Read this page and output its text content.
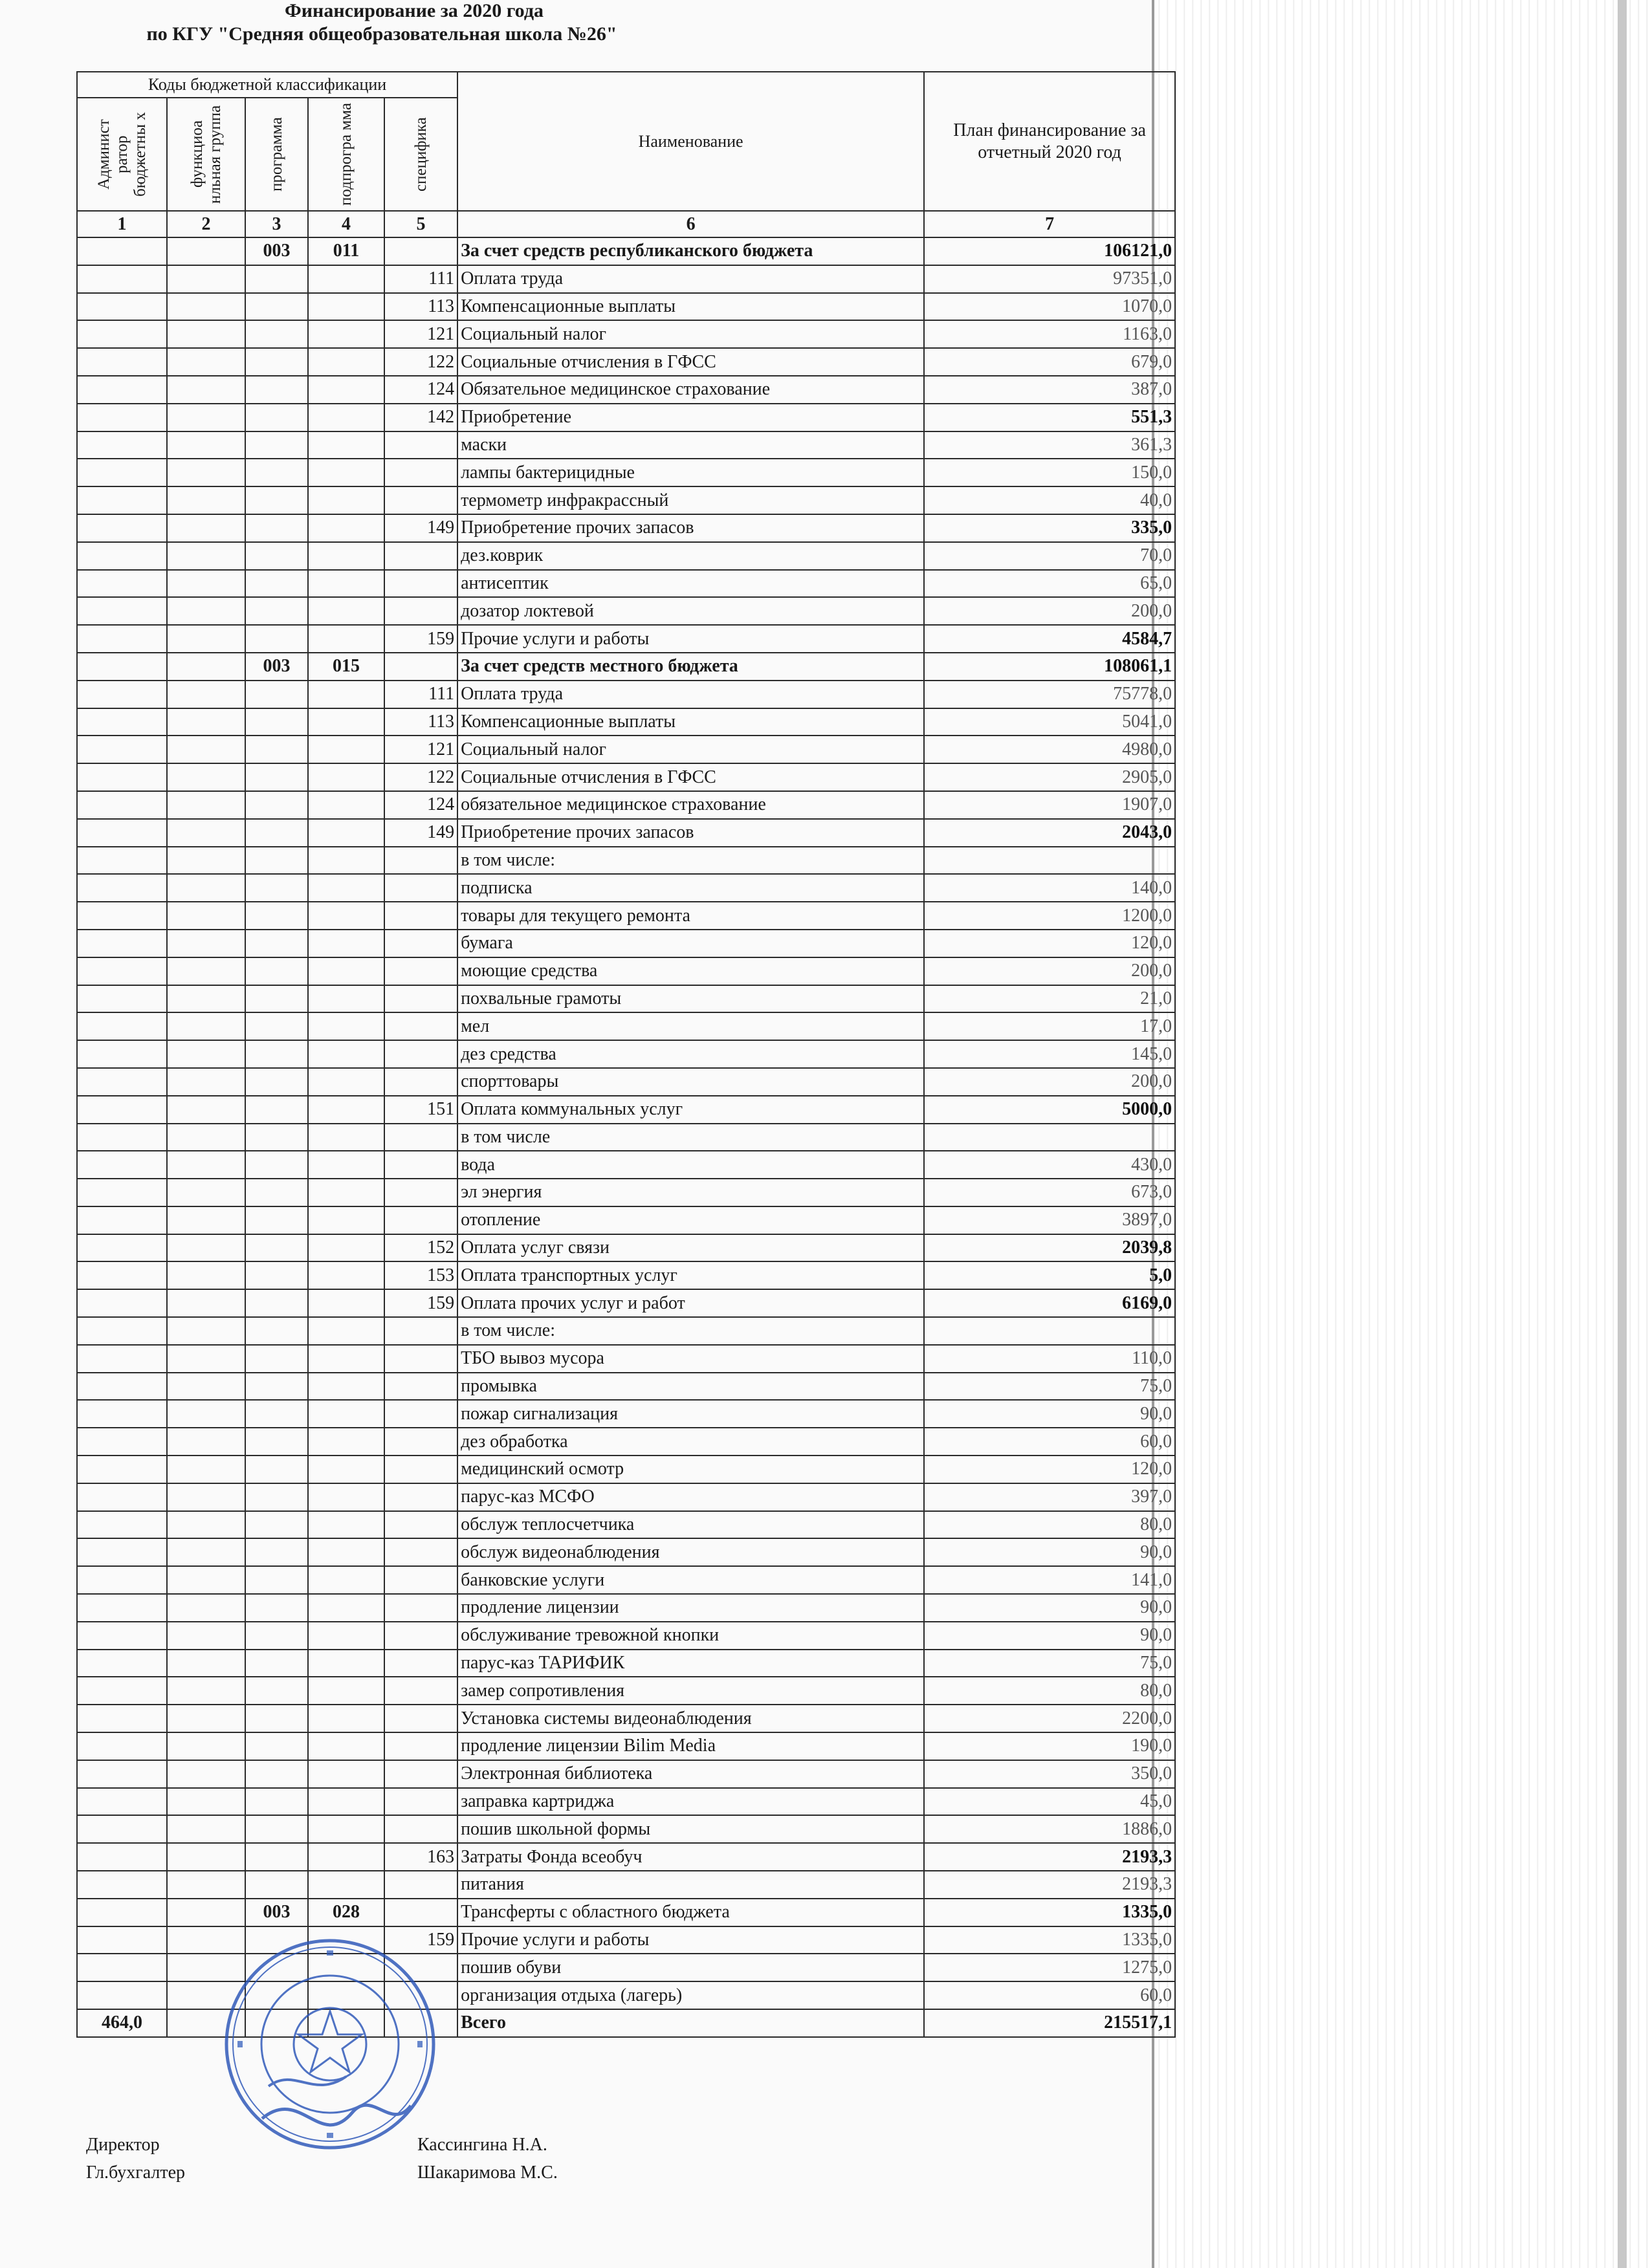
Финансирование за 2020 года
по КГУ "Средняя общеобразовательная школа №26"
Коды бюджетной классификации					Наименование	План финансирование за отчетный 2020 год

Админист ратор бюджетны х	функциоа нльная группа	программа	подпрогра мма	специфика		

1	2	3	4	5	6	7
		003	011		За счет средств республиканского бюджета	106121,0
				111	Оплата труда	97351,0
				113	Компенсационные выплаты	1070,0
				121	Социальный налог	1163,0
				122	Социальные отчисления в ГФСС	679,0
				124	Обязательное медицинское страхование	387,0
				142	Приобретение	551,3
					маски	361,3
					лампы бактерицидные	150,0
					термометр инфракрассный	40,0
				149	Приобретение прочих запасов	335,0
					дез.коврик	70,0
					антисептик	65,0
					дозатор локтевой	200,0
				159	Прочие услуги и работы	4584,7
		003	015		За счет средств местного бюджета	108061,1
				111	Оплата труда	75778,0
				113	Компенсационные выплаты	5041,0
				121	Социальный налог	4980,0
				122	Социальные отчисления в ГФСС	2905,0
				124	обязательное медицинское страхование	1907,0
				149	Приобретение прочих запасов	2043,0
					в том числе:	
					подписка	140,0
					товары для текущего ремонта	1200,0
					бумага	120,0
					моющие средства	200,0
					похвальные грамоты	21,0
					мел	17,0
					дез средства	145,0
					спорттовары	200,0
				151	Оплата коммунальных услуг	5000,0
					в том числе	
					вода	430,0
					эл энергия	673,0
					отопление	3897,0
				152	Оплата услуг связи	2039,8
				153	Оплата транспортных услуг	5,0
				159	Оплата прочих услуг и работ	6169,0
					в том числе:	
					ТБО вывоз мусора	110,0
					промывка	75,0
					пожар сигнализация	90,0
					дез обработка	60,0
					медицинский осмотр	120,0
					парус-каз МСФО	397,0
					обслуж теплосчетчика	80,0
					обслуж видеонаблюдения	90,0
					банковские услуги	141,0
					продление лицензии	90,0
					обслуживание тревожной кнопки	90,0
					парус-каз ТАРИФИК	75,0
					замер сопротивления	80,0
					Установка системы видеонаблюдения	2200,0
					продление лицензии Bilim Media	190,0
					Электронная библиотека	350,0
					заправка картриджа	45,0
					пошив школьной формы	1886,0
				163	Затраты Фонда всеобуч	2193,3
					питания	2193,3
		003	028		Трансферты с областного бюджета	1335,0
				159	Прочие услуги и работы	1335,0
					пошив обуви	1275,0
					организация отдыха (лагерь)	60,0
464,0					Всего	215517,1
Директор	Кассингина Н.А.
Гл.бухгалтер	Шакаримова М.С.
